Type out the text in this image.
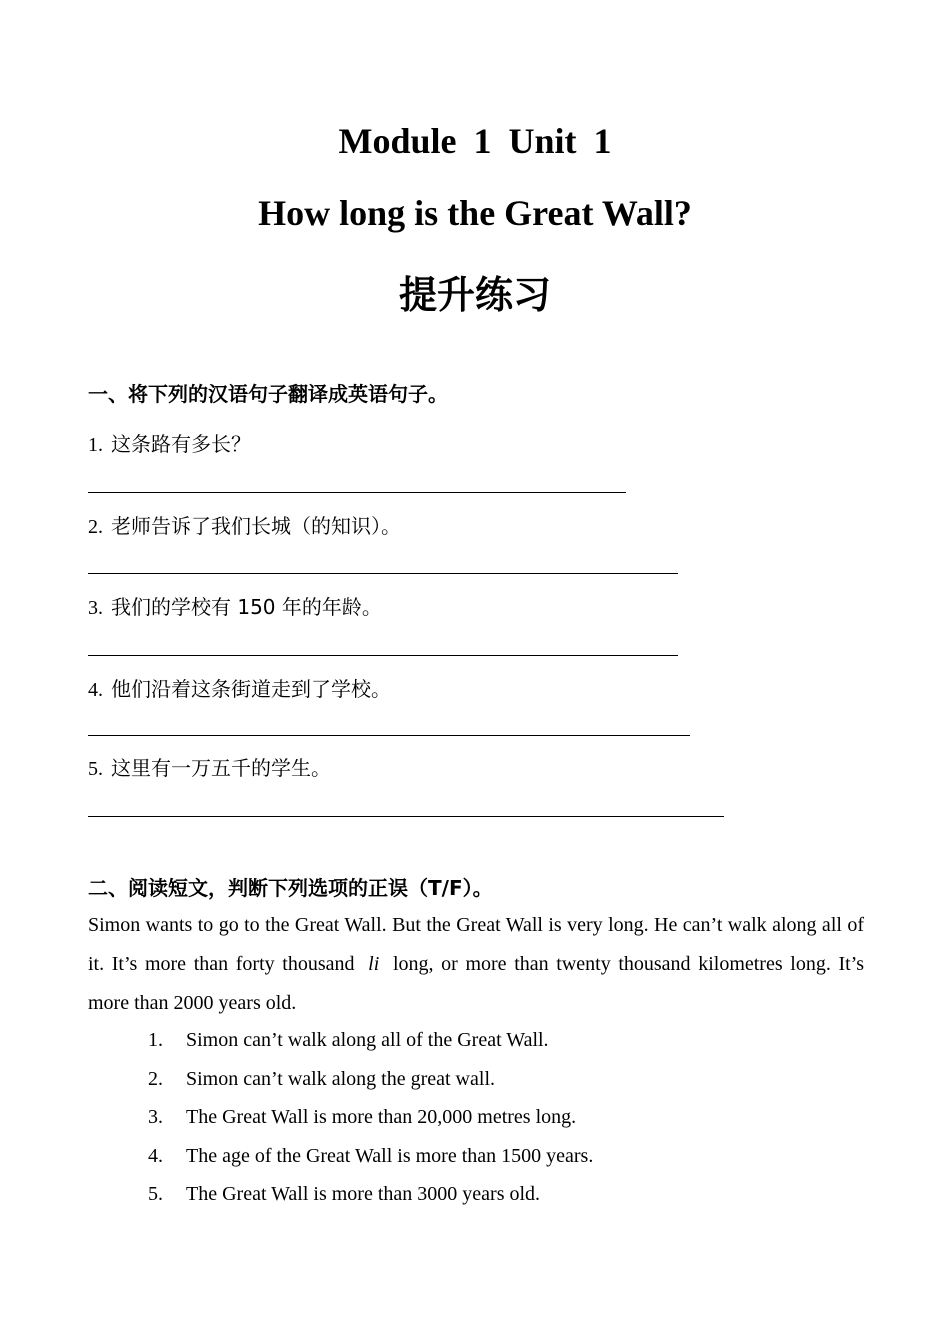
Module 1 Unit 1
How long is the Great Wall?
提升练习
一、将下列的汉语句子翻译成英语句子。
1. 这条路有多长？
2. 老师告诉了我们长城（的知识）。
3. 我们的学校有 150 年的年龄。
4. 他们沿着这条街道走到了学校。
5. 这里有一万五千的学生。
二、阅读短文，判断下列选项的正误（T/F）。

Simon wants to go to the Great Wall. But the Great Wall is very long. He can’t walk along all of it. It’s more than forty thousand li long, or more than twenty thousand kilometres long. It’s more than 2000 years old.

1. Simon can’t walk along all of the Great Wall.
2. Simon can’t walk along the great wall.
3. The Great Wall is more than 20,000 metres long.
4. The age of the Great Wall is more than 1500 years.
5. The Great Wall is more than 3000 years old.
